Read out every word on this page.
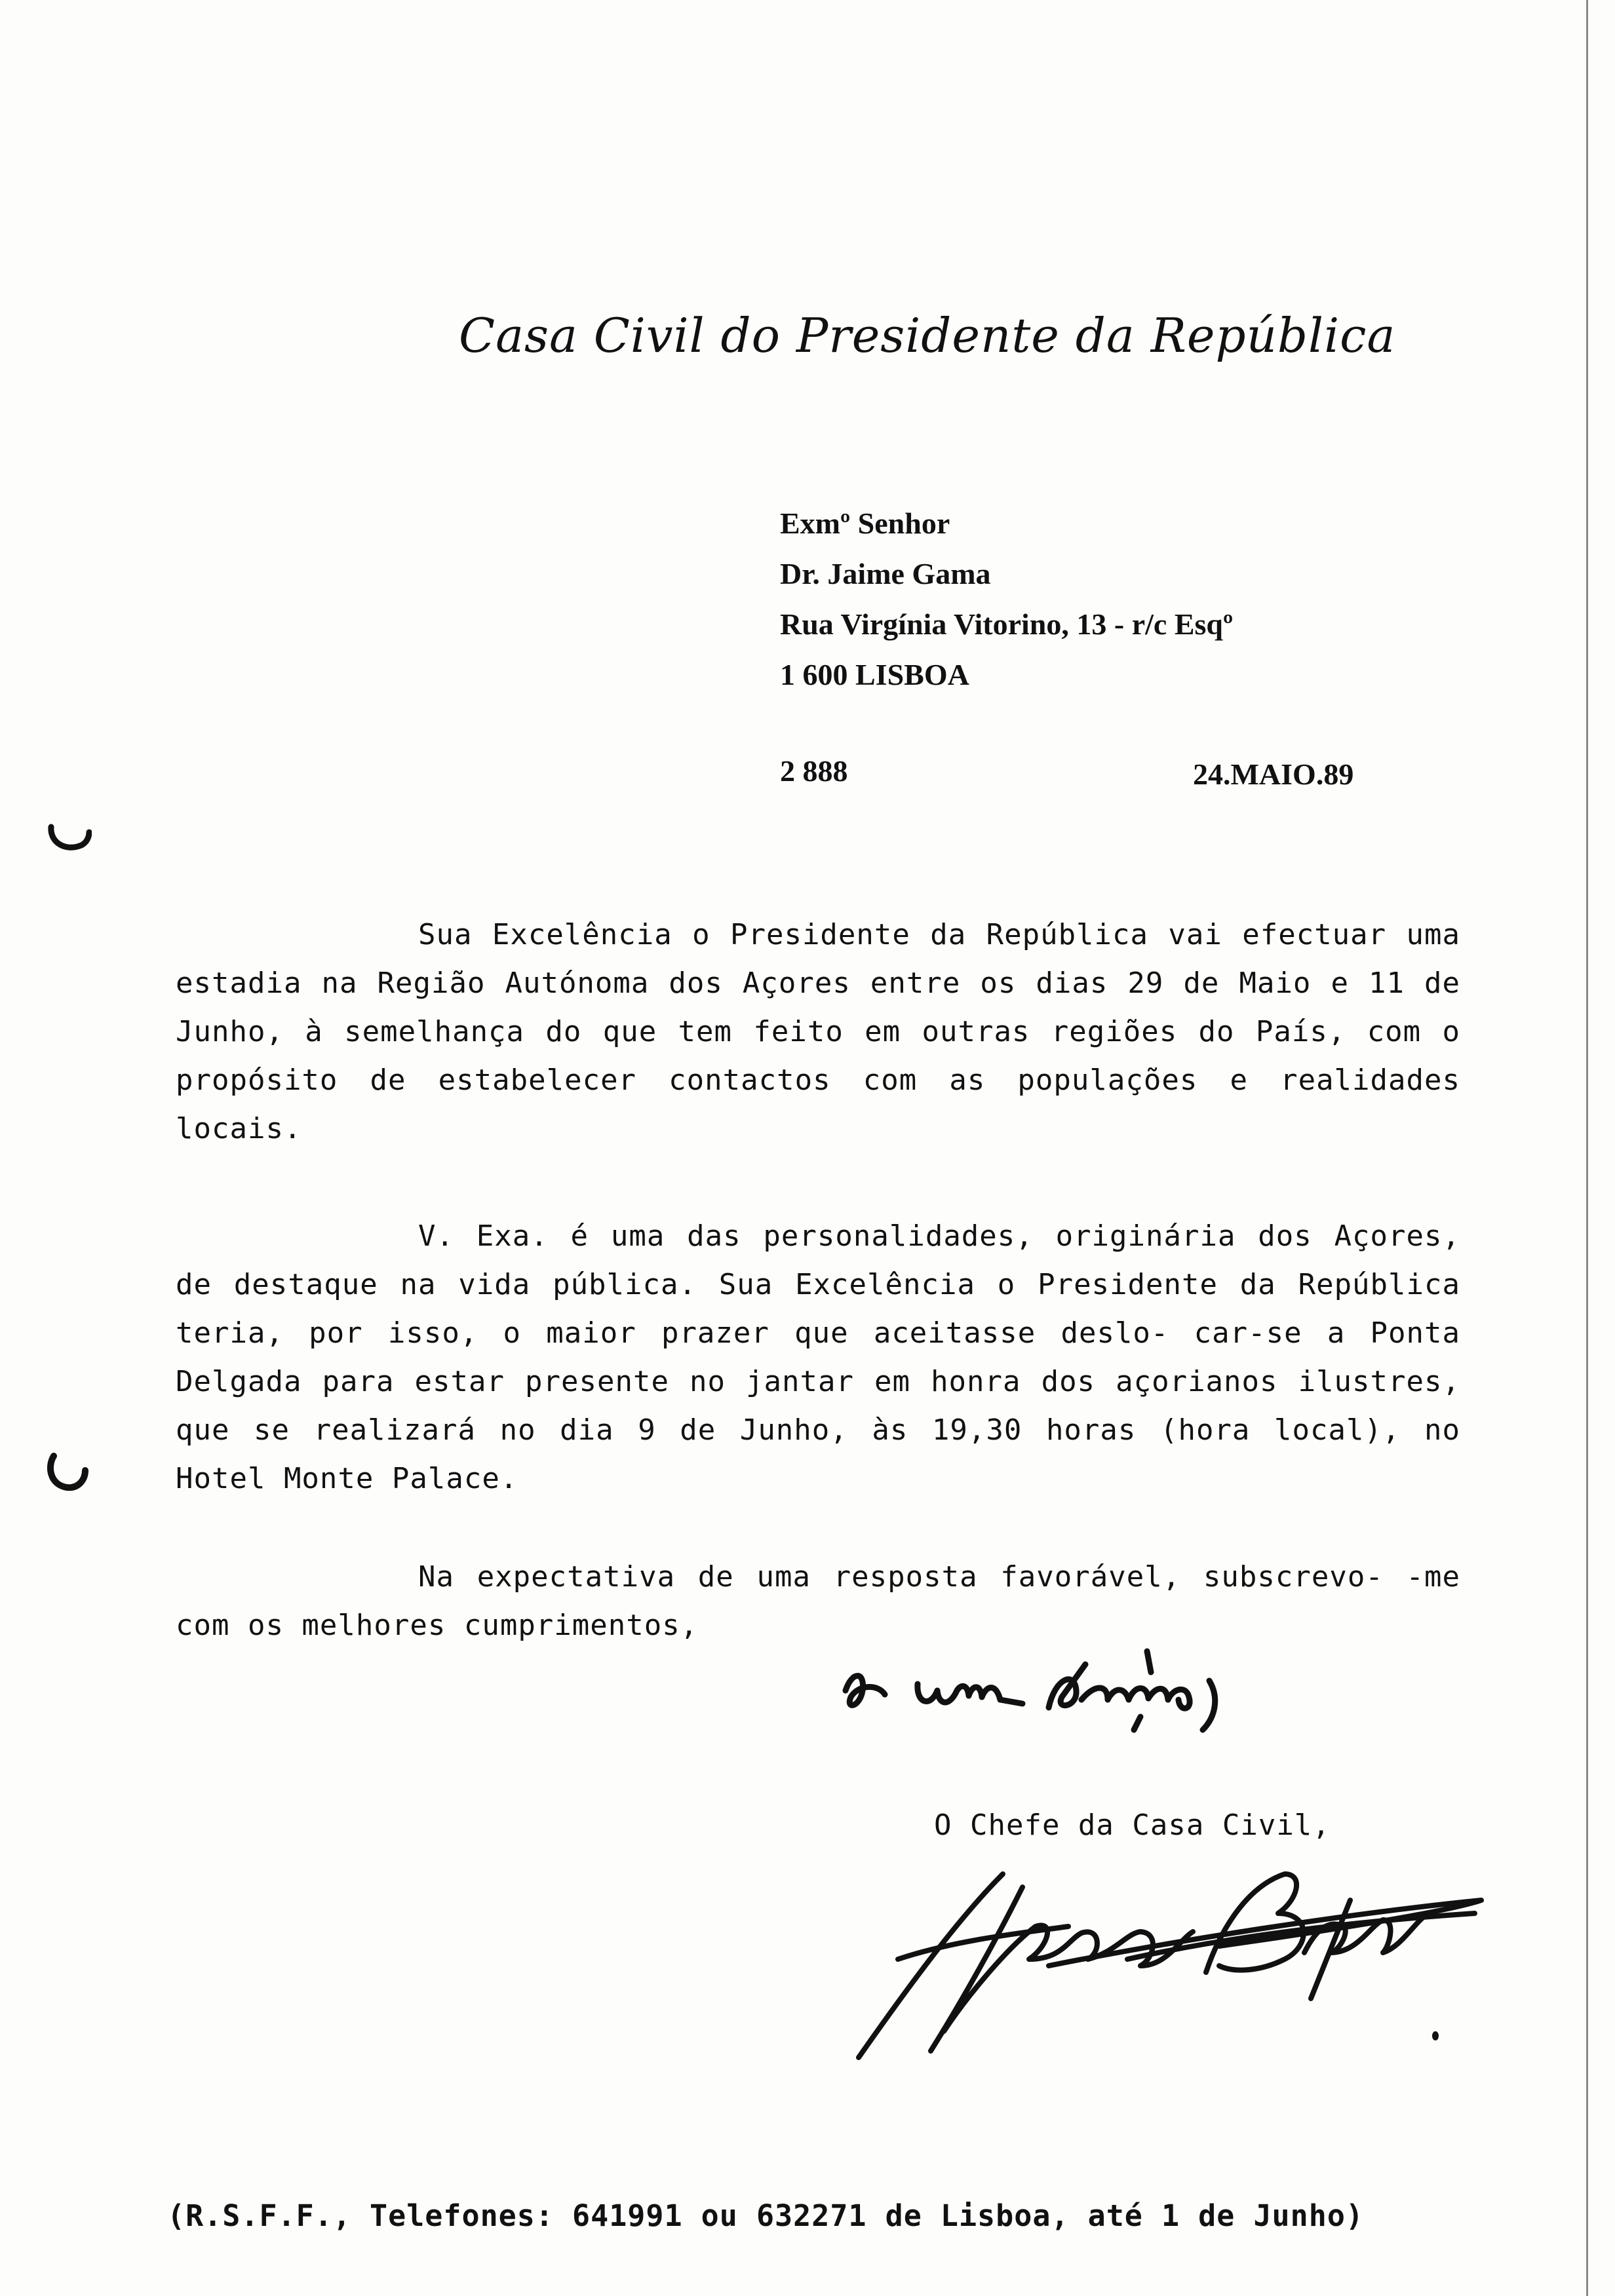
Casa Civil do Presidente da República
Exmº Senhor
Dr. Jaime Gama
Rua Virgínia Vitorino, 13 - r/c Esqº
1 600 LISBOA
2 888	24.MAIO.89

Sua Excelência o Presidente da República vai efectuar uma estadia na Região Autónoma dos Açores entre os dias 29 de Maio e 11 de Junho, à semelhança do que tem feito em outras regiões do País, com o propósito de estabelecer contactos com as populações e realidades locais.

V. Exa. é uma das personalidades, originária dos Açores, de destaque na vida pública. Sua Excelência o Presidente da República teria, por isso, o maior prazer que aceitasse deslo- car-se a Ponta Delgada para estar presente no jantar em honra dos açorianos ilustres, que se realizará no dia 9 de Junho, às 19,30 horas (hora local), no Hotel Monte Palace.

Na expectativa de uma resposta favorável, subscrevo- -me com os melhores cumprimentos,

O Chefe da Casa Civil,
(R.S.F.F., Telefones: 641991 ou 632271 de Lisboa, até 1 de Junho)
